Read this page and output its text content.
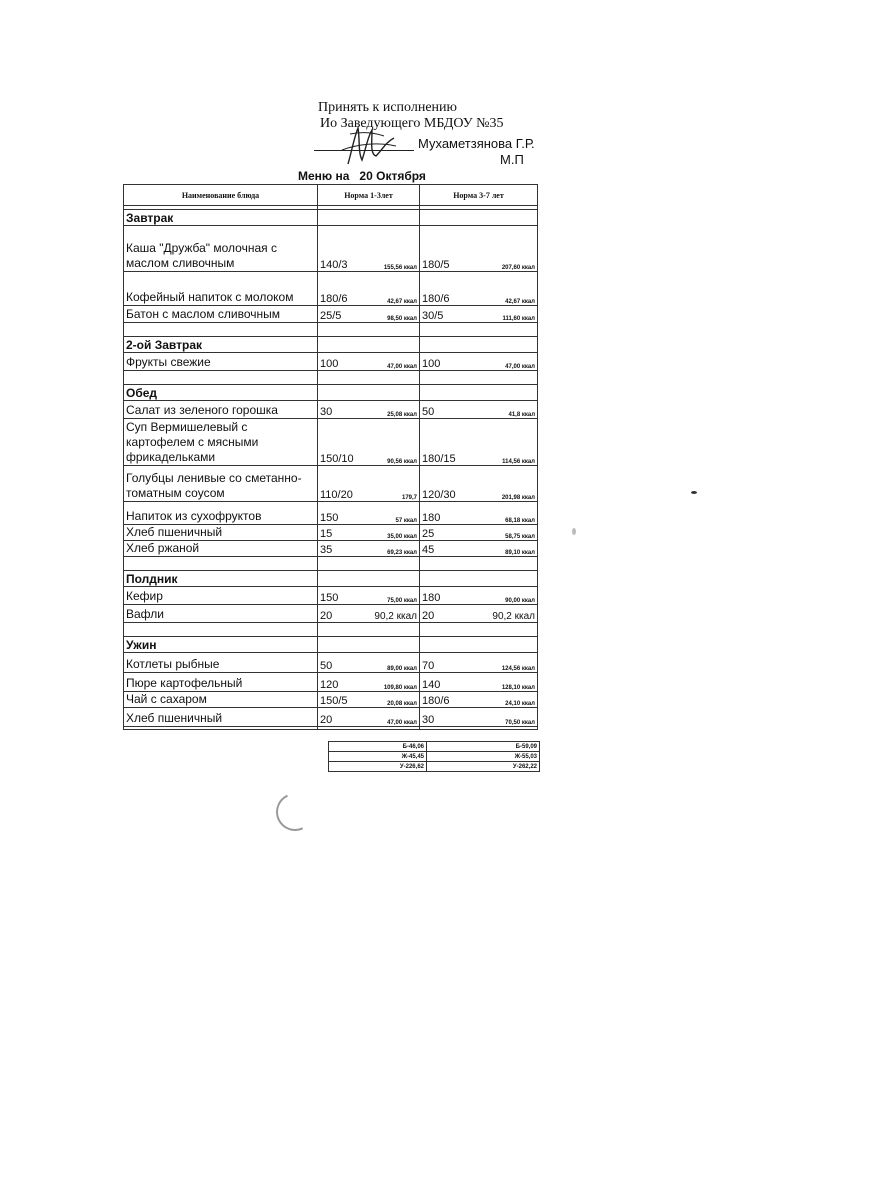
Принять к исполнению
Ио Заведующего МБДОУ №35
Мухаметзянова Г.Р.
М.П
Меню на 20 Октября
Наименование блюда	Норма 1-3лет	Норма 3-7 лет

Завтрак		
Каша "Дружба" молочная с маслом сливочным	140/3 155,56 ккал	180/5 207,60 ккал

Кофейный напиток с молоком	180/6 42,67 ккал	180/6 42,67 ккал

Батон с маслом сливочным	25/5 98,50 ккал	30/5 111,60 ккал

2-ой Завтрак		
Фрукты свежие	100 47,00 ккал	100 47,00 ккал

Обед		
Салат из зеленого горошка	30 25,08 ккал	50 41,8 ккал

Суп Вермишелевый с картофелем с мясными фрикадельками	150/10 90,56 ккал	180/15 114,56 ккал

Голубцы ленивые со сметанно-томатным соусом	110/20 179,7	120/30 201,98 ккал

Напиток из сухофруктов	150 57 ккал	180 68,18 ккал

Хлеб пшеничный	15 35,00 ккал	25 58,75 ккал

Хлеб ржаной	35 69,23 ккал	45 89,10 ккал

Полдник		
Кефир	150 75,00 ккал	180 90,00 ккал

Вафли	20 90,2 ккал	20 90,2 ккал

Ужин		
Котлеты рыбные	50 89,00 ккал	70 124,56 ккал

Пюре картофельный	120 109,80 ккал	140 128,10 ккал

Чай с сахаром	150/5 20,08 ккал	180/6 24,10 ккал

Хлеб пшеничный	20 47,00 ккал	30 70,50 ккал

Б-46,06	Б-59,09
Ж-45,45	Ж-55,03
У-226,62	У-262,22
